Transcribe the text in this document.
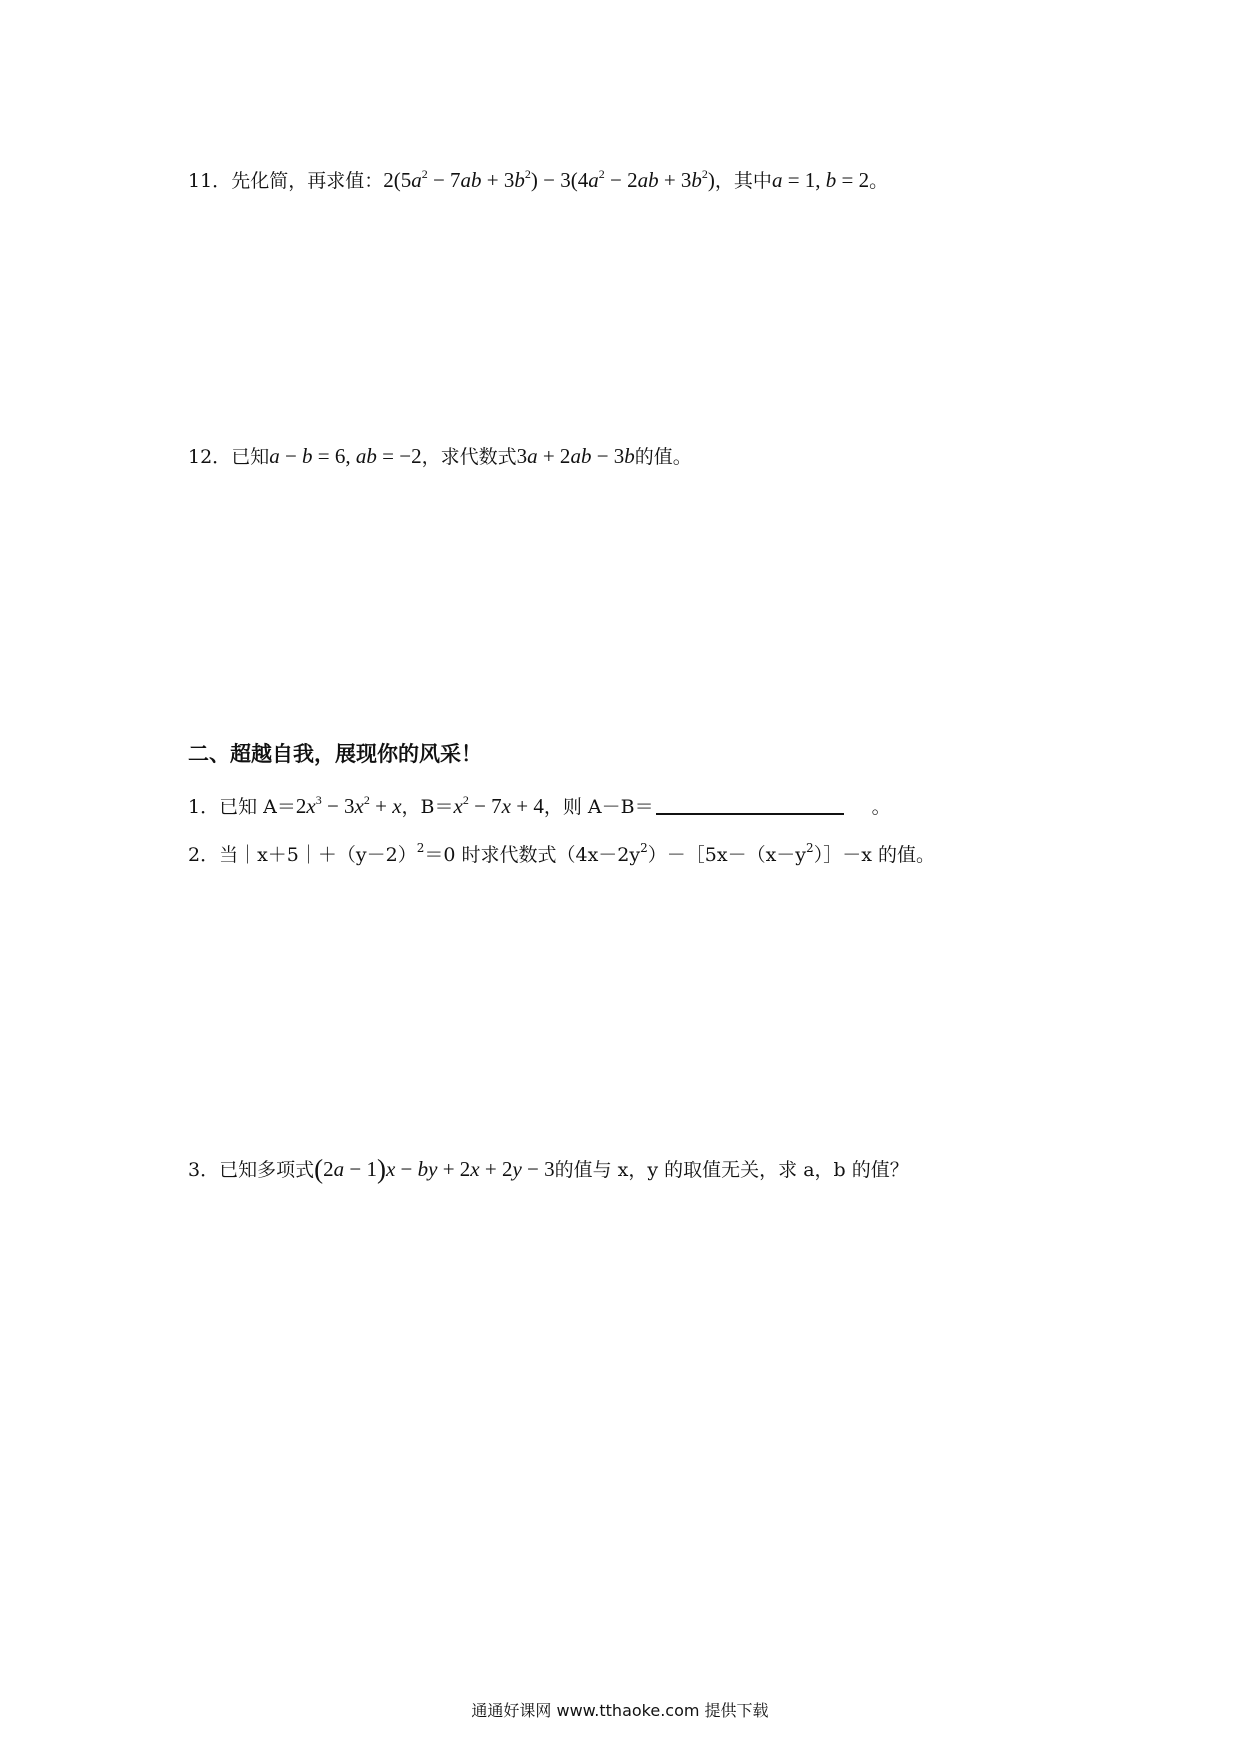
11．先化简，再求值：$2(5a^2 - 7ab + 3b^2) - 3(4a^2 - 2ab + 3b^2)$，其中a = 1, b = 2。
12．已知a − b = 6, ab = −2，求代数式3a + 2ab − 3b的值。
二、超越自我，展现你的风采！
1．已知 $A=2x^3 - 3x^2 + x$，$B=x^2 - 7x + 4$，则 A－B＝	。
2．当$|x+5|+(y-2)^2=0$ 时求代数式$(4x-2y^2)-[5x-(x-y^2)]-x$ 的值。
3．已知多项式(2a − 1)x − by + 2x + 2y − 3的值与 x，y 的取值无关，求 a，b 的值？
通通好课网 www.tthaoke.com 提供下载
